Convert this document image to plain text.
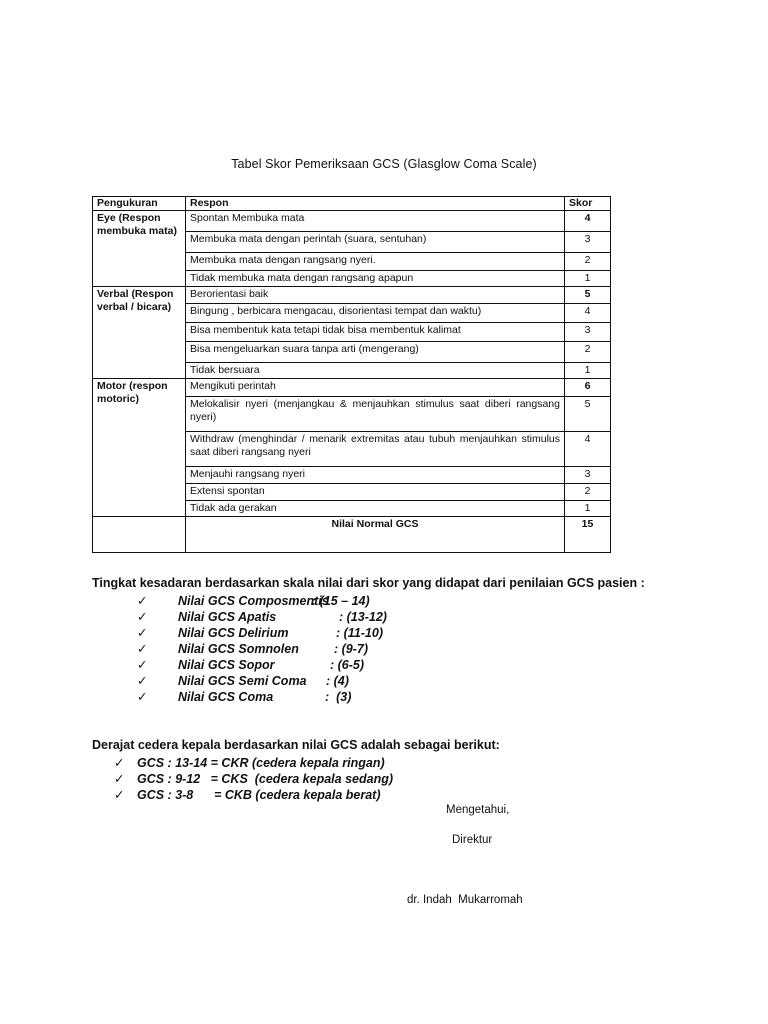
Tabel Skor Pemeriksaan GCS (Glasglow Coma Scale)
Pengukuran	Respon	Skor
Eye (Respon membuka mata)	Spontan Membuka mata	4
	Membuka mata dengan perintah (suara, sentuhan)	3
	Membuka mata dengan rangsang nyeri.	2
	Tidak membuka mata dengan rangsang apapun	1
Verbal (Respon verbal / bicara)	Berorientasi baik	5
	Bingung , berbicara mengacau, disorientasi tempat dan waktu)	4
	Bisa membentuk kata tetapi tidak bisa membentuk kalimat	3
	Bisa mengeluarkan suara tanpa arti (mengerang)	2
	Tidak bersuara	1
Motor (respon motoric)	Mengikuti perintah	6
	Melokalisir nyeri (menjangkau & menjauhkan stimulus saat diberi rangsang nyeri)	5
	Withdraw (menghindar / menarik extremitas atau tubuh menjauhkan stimulus saat diberi rangsang nyeri	4
	Menjauhi rangsang nyeri	3
	Extensi spontan	2
	Tidak ada gerakan	1
	Nilai Normal GCS	15
Tingkat kesadaran berdasarkan skala nilai dari skor yang didapat dari penilaian GCS pasien :
✓ Nilai GCS Composmentis
: (15 – 14)
✓ Nilai GCS Apatis	: (13-12)
✓ Nilai GCS Delirium	: (11-10)
✓ Nilai GCS Somnolen	: (9-7)
✓ Nilai GCS Sopor	: (6-5)
✓ Nilai GCS Semi Coma	: (4)
✓ Nilai GCS Coma	:  (3)
Derajat cedera kepala berdasarkan nilai GCS adalah sebagai berikut:
✓ GCS : 13-14 = CKR (cedera kepala ringan)
✓ GCS : 9-12   = CKS  (cedera kepala sedang)
✓ GCS : 3-8      = CKB (cedera kepala berat)
Mengetahui,
Direktur
dr. Indah  Mukarromah
